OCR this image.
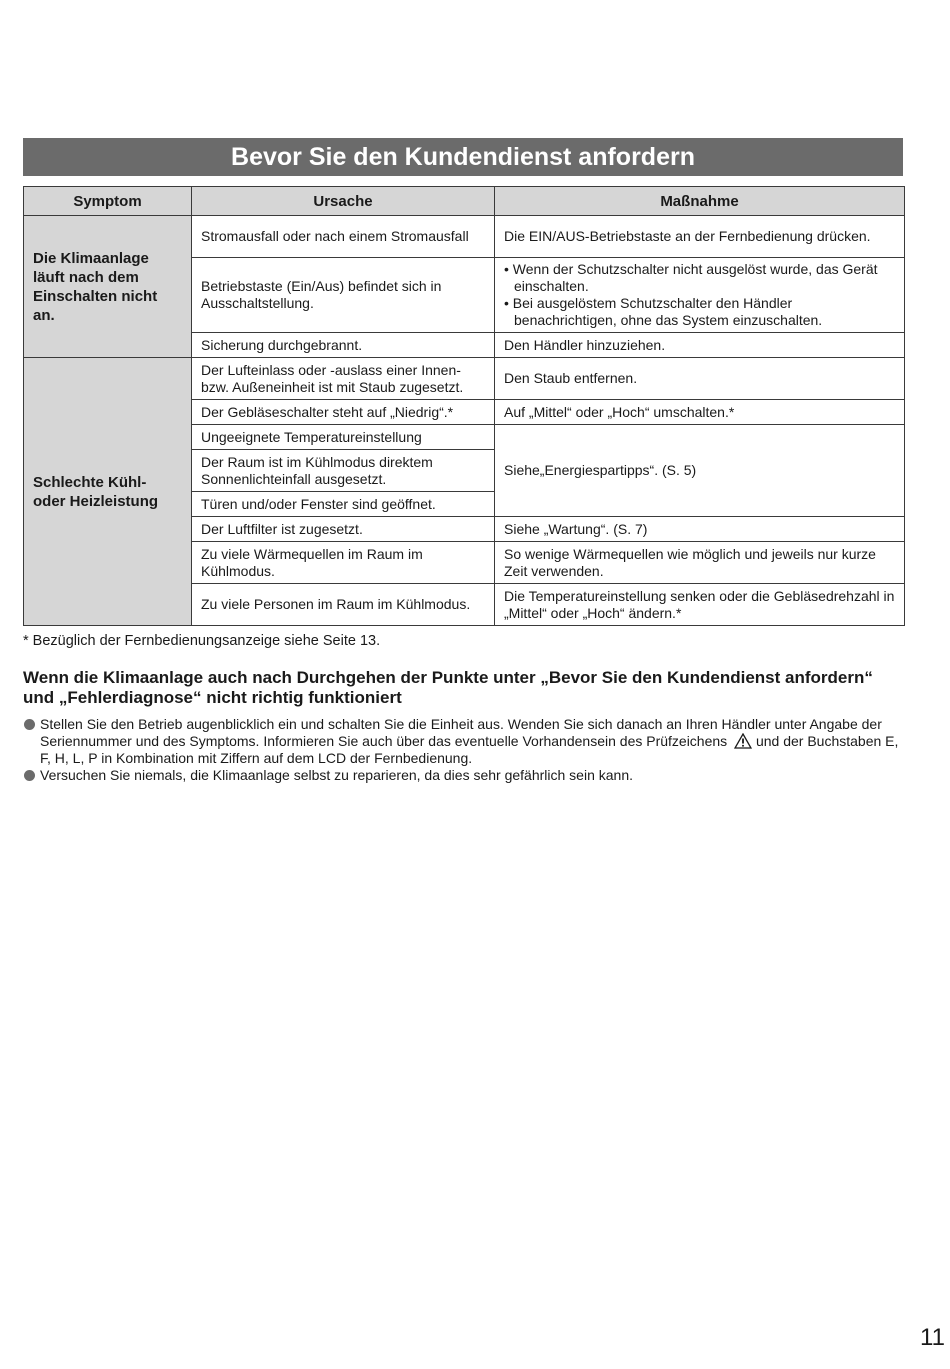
Bevor Sie den Kundendienst anfordern
Symptom	Ursache	Maßnahme
Die Klimaanlage läuft nach dem Einschalten nicht an.	Stromausfall oder nach einem Stromausfall	Die EIN/AUS-Betriebstaste an der Fernbedienung drücken.
	Betriebstaste (Ein/Aus) befindet sich in Ausschaltstellung.	• Wenn der Schutzschalter nicht ausgelöst wurde, das Gerät einschalten.
• Bei ausgelöstem Schutzschalter den Händler benachrichtigen, ohne das System einzuschalten.

	Sicherung durchgebrannt.	Den Händler hinzuziehen.
Schlechte Kühl- oder Heizleistung	Der Lufteinlass oder -auslass einer Innen- bzw. Außeneinheit ist mit Staub zugesetzt.	Den Staub entfernen.
	Der Gebläseschalter steht auf „Niedrig“.*	Auf „Mittel“ oder „Hoch“ umschalten.*
	Ungeeignete Temperatureinstellung	Siehe„Energiespartipps“. (S. 5)
	Der Raum ist im Kühlmodus direktem Sonnenlichteinfall ausgesetzt.	
	Türen und/oder Fenster sind geöffnet.	
	Der Luftfilter ist zugesetzt.	Siehe „Wartung“. (S. 7)
	Zu viele Wärmequellen im Raum im Kühlmodus.	So wenige Wärmequellen wie möglich und jeweils nur kurze Zeit verwenden.
	Zu viele Personen im Raum im Kühlmodus.	Die Temperatureinstellung senken oder die Gebläsedrehzahl in „Mittel“ oder „Hoch“ ändern.*
* Bezüglich der Fernbedienungsanzeige siehe Seite 13.
Wenn die Klimaanlage auch nach Durchgehen der Punkte unter „Bevor Sie den Kundendienst anfordern“ und „Fehlerdiagnose“ nicht richtig funktioniert
Stellen Sie den Betrieb augenblicklich ein und schalten Sie die Einheit aus. Wenden Sie sich danach an Ihren Händler unter Angabe der Seriennummer und des Symptoms. Informieren Sie auch über das eventuelle Vorhandensein des Prüfzeichens und der Buchstaben E, F, H, L, P in Kombination mit Ziffern auf dem LCD der Fernbedienung.
Versuchen Sie niemals, die Klimaanlage selbst zu reparieren, da dies sehr gefährlich sein kann.
11
